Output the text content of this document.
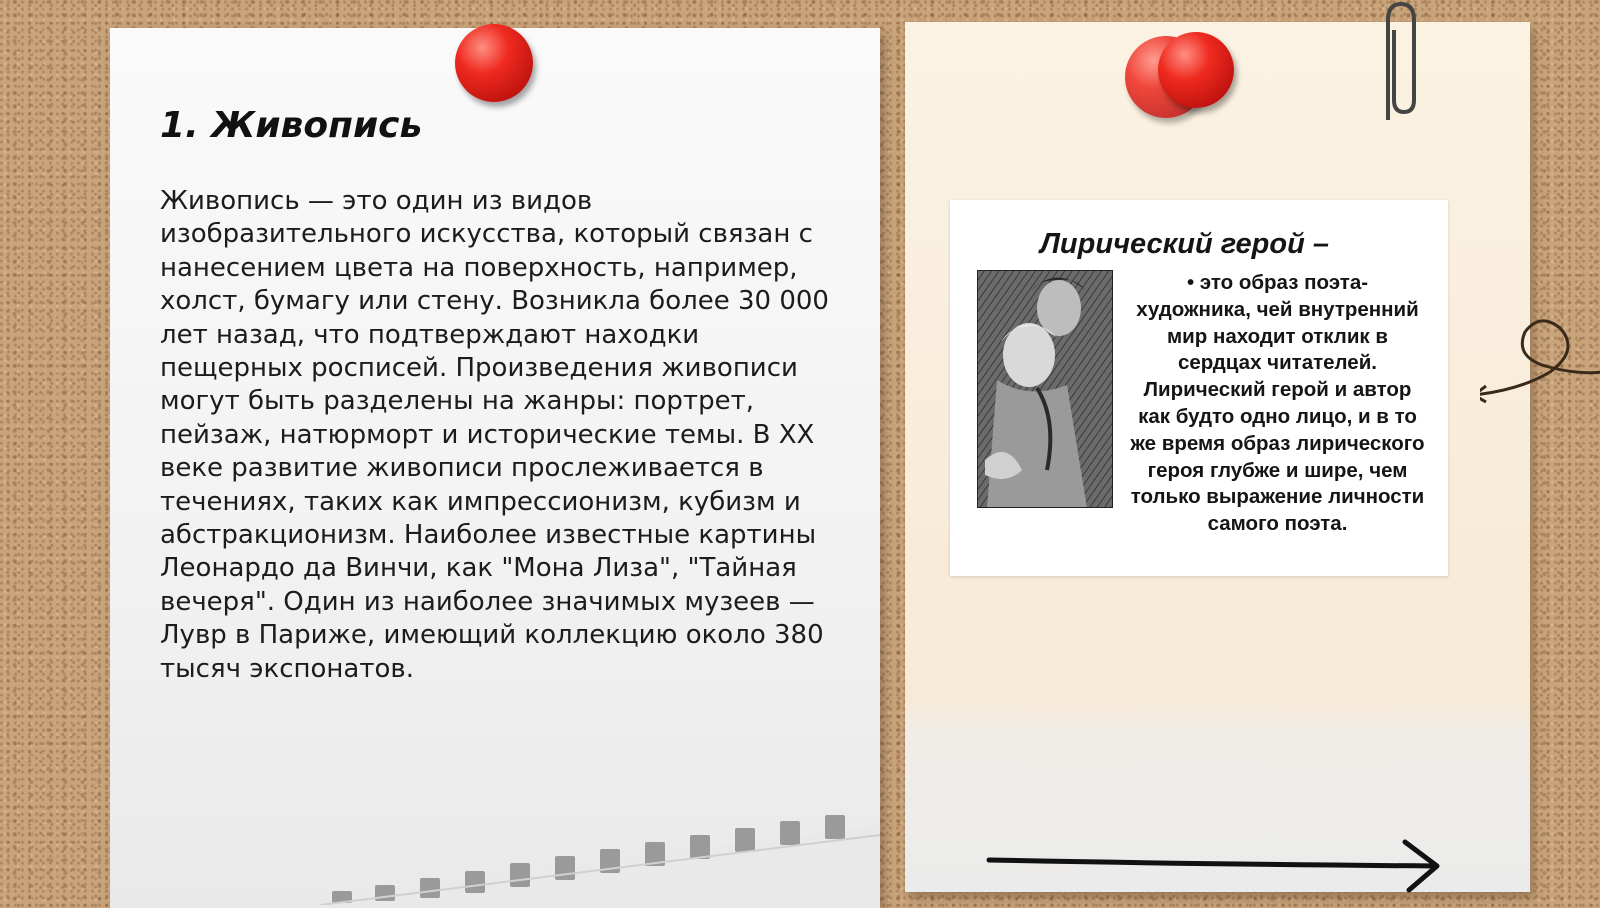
1. Живопись

Живопись — это один из видов изобразительного искусства, который связан с нанесением цвета на поверхность, например, холст, бумагу или стену. Возникла более 30 000 лет назад, что подтверждают находки пещерных росписей. Произведения живописи могут быть разделены на жанры: портрет, пейзаж, натюрморт и исторические темы. В XX веке развитие живописи прослеживается в течениях, таких как импрессионизм, кубизм и абстракционизм. Наиболее известные картины Леонардо да Винчи, как "Мона Лиза", "Тайная вечеря". Один из наиболее значимых музеев — Лувр в Париже, имеющий коллекцию около 380 тысяч экспонатов.

Лирический герой –

• это образ поэта-художника, чей внутренний мир находит отклик в сердцах читателей. Лирический герой и автор как будто одно лицо, и в то же время образ лирического героя глубже и шире, чем только выражение личности самого поэта.
